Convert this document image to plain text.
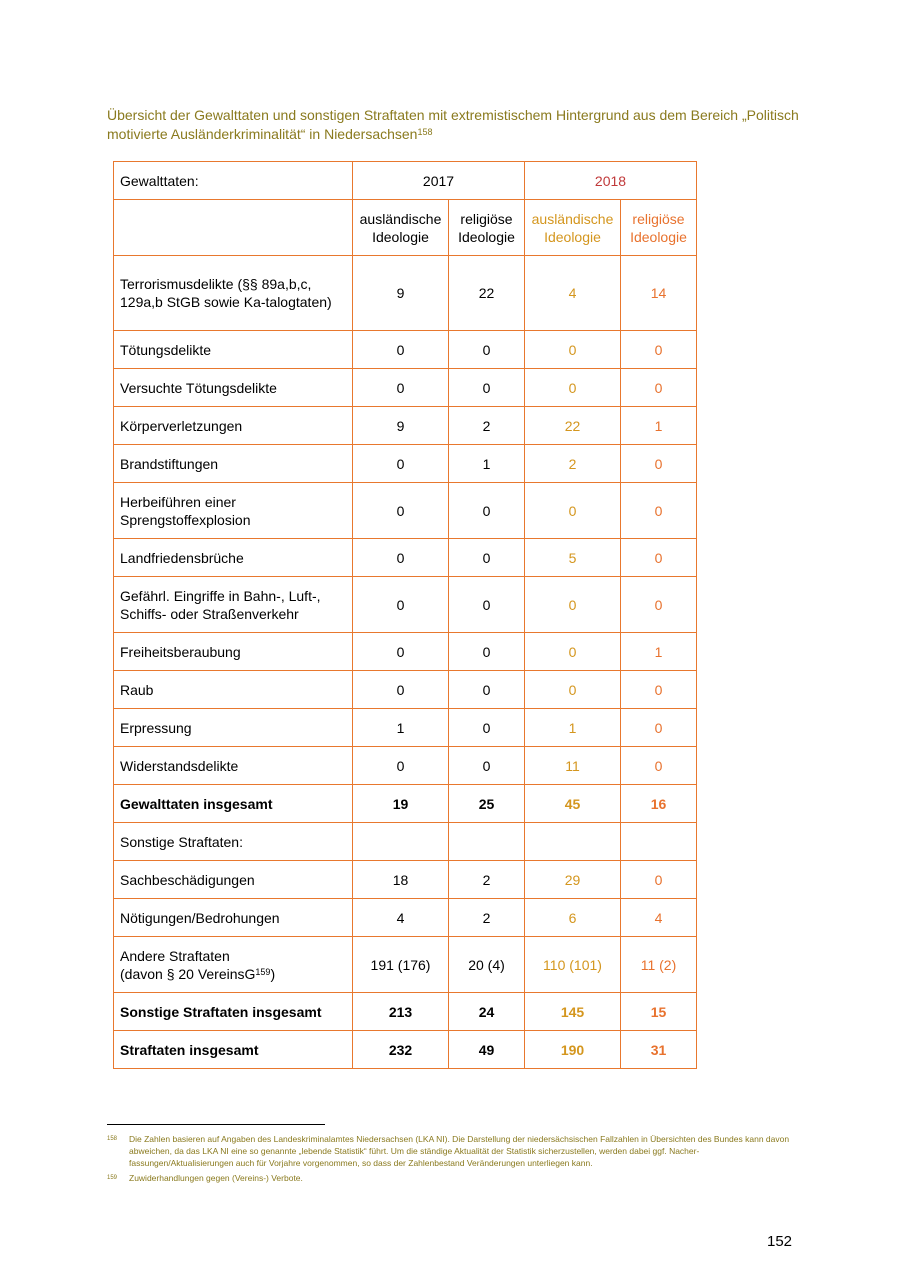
Übersicht der Gewalttaten und sonstigen Straftaten mit extremistischem Hintergrund aus dem Bereich „Politisch motivierte Ausländerkriminalität“ in Niedersachsen$^{158}$
Gewalttaten:	2017		2018	
	ausländische Ideologie	religiöse Ideologie	ausländische Ideologie	religiöse Ideologie
Terrorismusdelikte (§§ 89a,b,c, 129a,b StGB sowie Ka-talogtaten)	9	22	4	14
Tötungsdelikte	0	0	0	0
Versuchte Tötungsdelikte	0	0	0	0
Körperverletzungen	9	2	22	1
Brandstiftungen	0	1	2	0
Herbeiführen einer Sprengstoffexplosion	0	0	0	0
Landfriedensbrüche	0	0	5	0
Gefährl. Eingriffe in Bahn-, Luft-, Schiffs- oder Straßenverkehr	0	0	0	0
Freiheitsberaubung	0	0	0	1
Raub	0	0	0	0
Erpressung	1	0	1	0
Widerstandsdelikte	0	0	11	0
Gewalttaten insgesamt	19	25	45	16
Sonstige Straftaten:				
Sachbeschädigungen	18	2	29	0
Nötigungen/Bedrohungen	4	2	6	4
Andere Straftaten
(davon § 20 VereinsG$^{159}$)	191 (176)	20 (4)	110 (101)	11 (2)
Sonstige Straftaten insgesamt	213	24	145	15
Straftaten insgesamt	232	49	190	31
158 Die Zahlen basieren auf Angaben des Landeskriminalamtes Niedersachsen (LKA NI). Die Darstellung der niedersächsischen Fallzahlen in Übersichten des Bundes kann davon abweichen, da das LKA NI eine so genannte „lebende Statistik“ führt. Um die ständige Aktualität der Statistik sicherzustellen, werden dabei ggf. Nacher-fassungen/Aktualisierungen auch für Vorjahre vorgenommen, so dass der Zahlenbestand Veränderungen unterliegen kann.
159 Zuwiderhandlungen gegen (Vereins-) Verbote.
152
